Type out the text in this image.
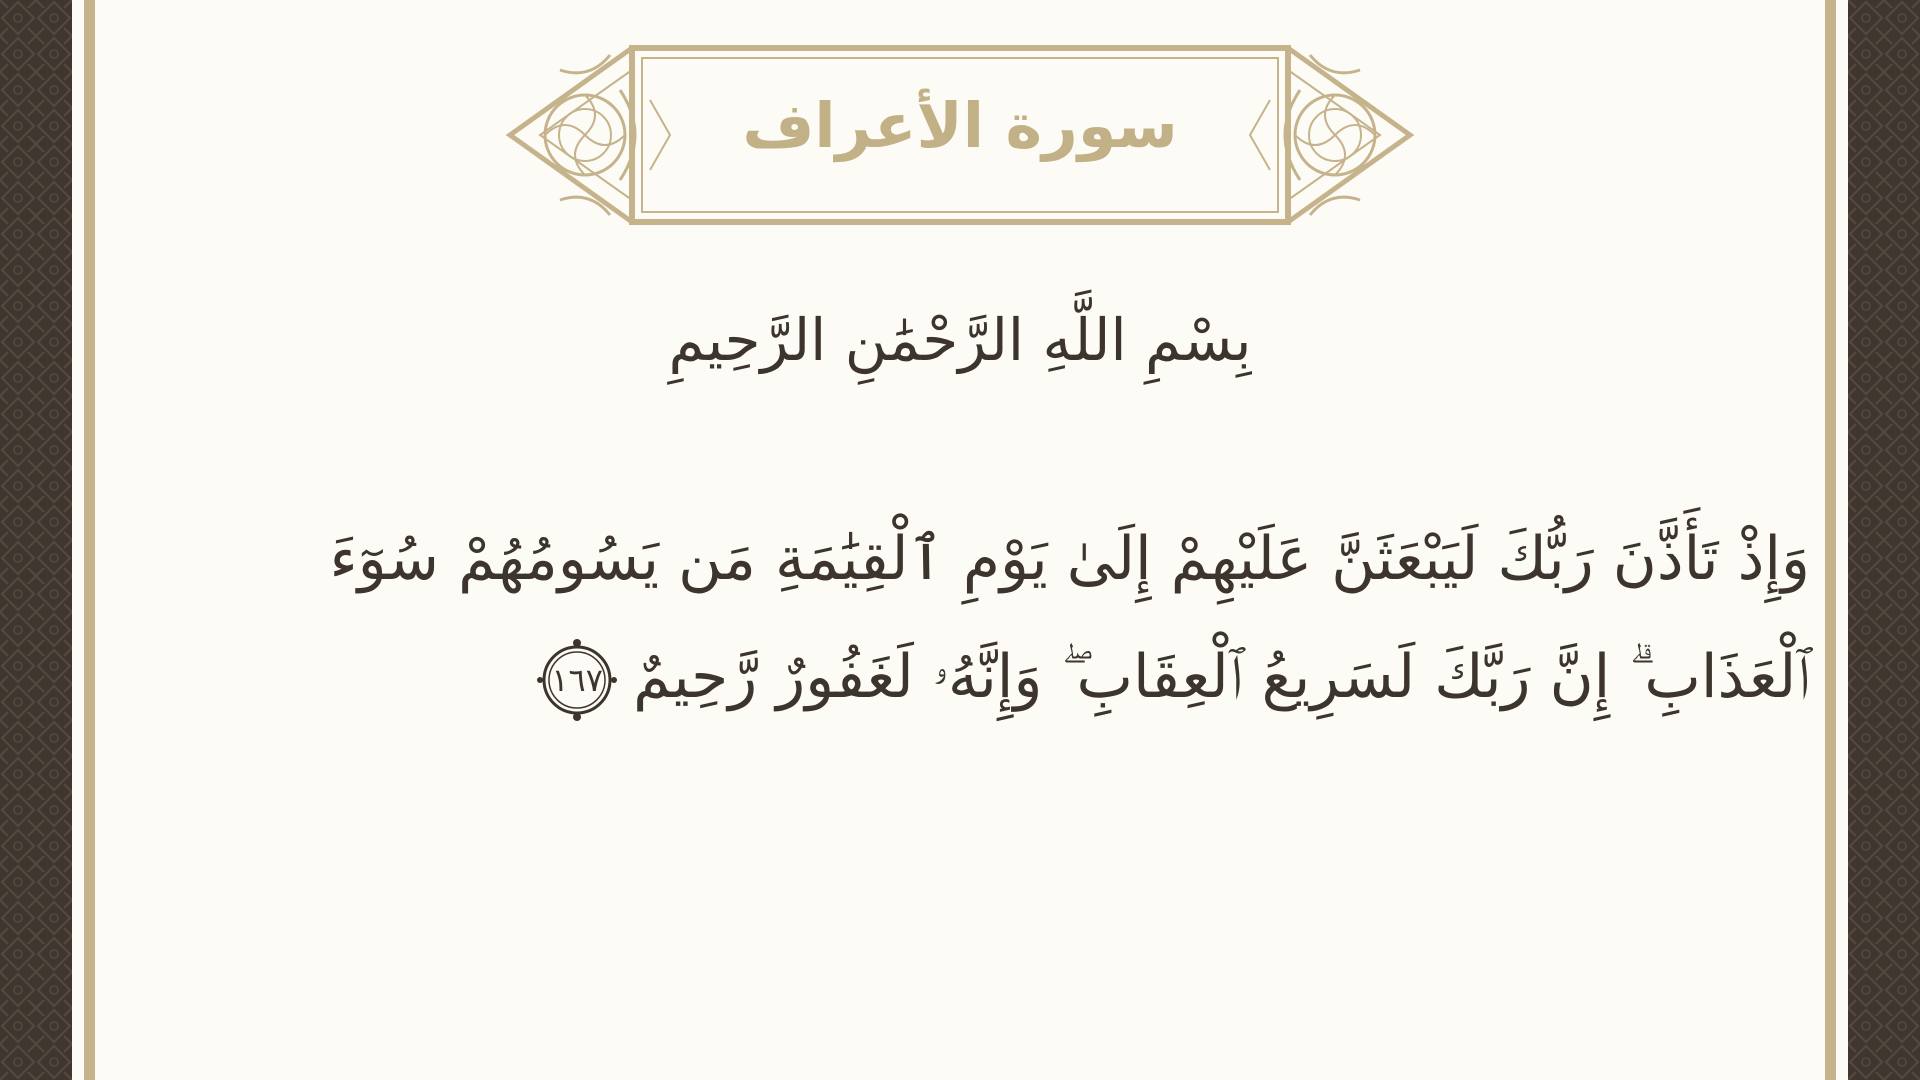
سورة الأعراف
بِسْمِ اللَّهِ الرَّحْمَٰنِ الرَّحِيمِ
وَإِذْ تَأَذَّنَ رَبُّكَ لَيَبْعَثَنَّ عَلَيْهِمْ إِلَىٰ يَوْمِ ٱلْقِيَٰمَةِ مَن يَسُومُهُمْ سُوٓءَ
ٱلْعَذَابِ ۗ إِنَّ رَبَّكَ لَسَرِيعُ ٱلْعِقَابِ ۖ وَإِنَّهُۥ لَغَفُورٌ رَّحِيمٌ
١٦٧
